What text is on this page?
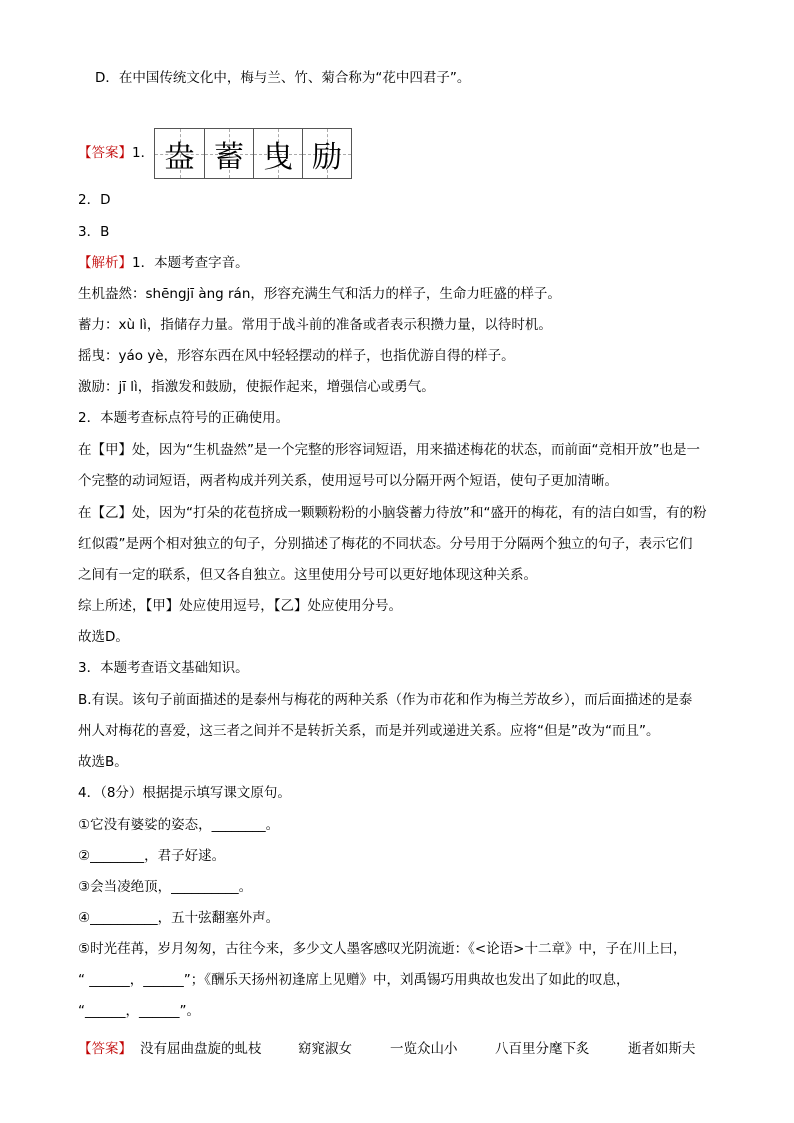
D．在中国传统文化中，梅与兰、竹、菊合称为“花中四君子”。
【答案】1． 盎 蓄 曳 励
2．D
3．B
【解析】1．本题考查字音。
生机盎然：shēngjī àng rán，形容充满生气和活力的样子，生命力旺盛的样子。
蓄力：xù lì，指储存力量。常用于战斗前的准备或者表示积攒力量，以待时机。
摇曳：yáo yè，形容东西在风中轻轻摆动的样子，也指优游自得的样子。
激励：jī lì，指激发和鼓励，使振作起来，增强信心或勇气。
2．本题考查标点符号的正确使用。
在【甲】处，因为“生机盎然”是一个完整的形容词短语，用来描述梅花的状态，而前面“竞相开放”也是一
个完整的动词短语，两者构成并列关系，使用逗号可以分隔开两个短语，使句子更加清晰。
在【乙】处，因为“打朵的花苞挤成一颗颗粉粉的小脑袋蓄力待放”和“盛开的梅花，有的洁白如雪，有的粉
红似霞”是两个相对独立的句子，分别描述了梅花的不同状态。分号用于分隔两个独立的句子，表示它们
之间有一定的联系，但又各自独立。这里使用分号可以更好地体现这种关系。
综上所述，【甲】处应使用逗号，【乙】处应使用分号。
故选D。
3．本题考查语文基础知识。
B.有误。该句子前面描述的是泰州与梅花的两种关系（作为市花和作为梅兰芳故乡），而后面描述的是泰
州人对梅花的喜爱，这三者之间并不是转折关系，而是并列或递进关系。应将“但是”改为“而且”。
故选B。
4．（8分）根据提示填写课文原句。
①它没有婆娑的姿态，________。
②________，君子好逑。
③会当凌绝顶，__________。
④__________，五十弦翻塞外声。
⑤时光荏苒，岁月匆匆，古往今来，多少文人墨客感叹光阴流逝：《<论语>十二章》中，子在川上曰，
“ ______，______”；《酬乐天扬州初逢席上见赠》中，刘禹锡巧用典故也发出了如此的叹息，
“______，______”。
【答案】 没有屈曲盘旋的虬枝	窈窕淑女	一览众山小	八百里分麾下炙	逝者如斯夫
